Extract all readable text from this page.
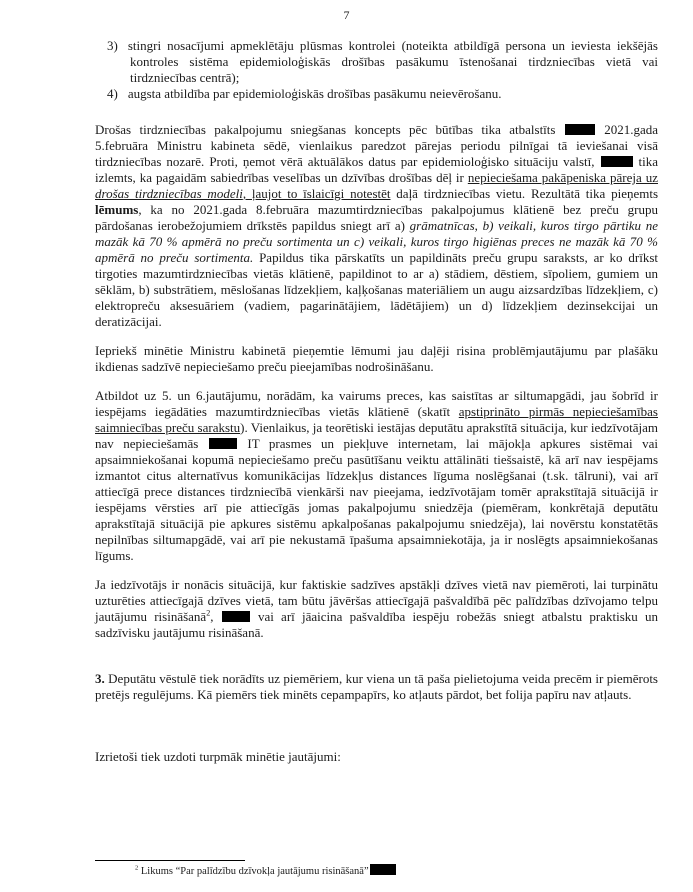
7
3) stingri nosacījumi apmeklētāju plūsmas kontrolei (noteikta atbildīgā persona un ieviesta iekšējās kontroles sistēma epidemioloģiskās drošības pasākumu īstenošanai tirdzniecības vietā vai tirdzniecības centrā);
4) augsta atbildība par epidemioloģiskās drošības pasākumu neievērošanu.

Drošas tirdzniecības pakalpojumu sniegšanas koncepts pēc būtības tika atbalstīts  2021.gada 5.februāra Ministru kabineta sēdē, vienlaikus paredzot pārejas periodu pilnīgai tā ieviešanai visā tirdzniecības nozarē. Proti, ņemot vērā aktuālākos datus par epidemioloģisko situāciju valstī,	tika izlemts, ka pagaidām sabiedrības veselības un dzīvības drošības dēļ ir nepieciešama pakāpeniska pāreja uz drošas tirdzniecības modeli, ļaujot to īslaicīgi notestēt daļā tirdzniecības vietu. Rezultātā tika pieņemts lēmums, ka no 2021.gada 8.februāra mazumtirdzniecības pakalpojumus klātienē bez preču grupu pārdošanas ierobežojumiem drīkstēs papildus sniegt arī a) grāmatnīcas, b) veikali, kuros tirgo pārtiku ne mazāk kā 70 % apmērā no preču sortimenta un c) veikali, kuros tirgo higiēnas preces ne mazāk kā 70 % apmērā no preču sortimenta. Papildus tika pārskatīts un papildināts preču grupu saraksts, ar ko drīkst tirgoties mazumtirdzniecības vietās klātienē, papildinot to ar a) stādiem, dēstiem, sīpoliem, gumiem un sēklām, b) substrātiem, mēslošanas līdzekļiem, kaļķošanas materiāliem un augu aizsardzības līdzekļiem, c) elektropreču aksesuāriem (vadiem, pagarinātājiem, lādētājiem) un d) līdzekļiem dezinsekcijai un deratizācijai.

Iepriekš minētie Ministru kabinetā pieņemtie lēmumi jau daļēji risina problēmjautājumu par plašāku ikdienas sadzīvē nepieciešamo preču pieejamības nodrošināšanu.

Atbildot uz 5. un 6.jautājumu, norādām, ka vairums preces, kas saistītas ar siltumapgādi, jau šobrīd ir iespējams iegādāties mazumtirdzniecības vietās klātienē (skatīt apstiprināto pirmās nepieciešamības saimniecības preču sarakstu). Vienlaikus, ja teorētiski iestājas deputātu aprakstītā situācija, kur iedzīvotājam nav nepieciešamās  IT prasmes un piekļuve internetam, lai mājokļa apkures sistēmai vai apsaimniekošanai kopumā nepieciešamo preču pasūtīšanu veiktu attālināti tiešsaistē, kā arī nav iespējams izmantot citus alternatīvus komunikācijas līdzekļus distances līguma noslēgšanai (t.sk. tālruni), vai arī attiecīgā prece distances tirdzniecībā vienkārši nav pieejama, iedzīvotājam tomēr aprakstītajā situācijā ir iespējams vērsties arī pie attiecīgās jomas pakalpojumu sniedzēja (piemēram, konkrētajā deputātu aprakstītajā situācijā pie apkures sistēmu apkalpošanas pakalpojumu sniedzēja), lai novērstu konstatētās nepilnības siltumapgādē, vai arī pie nekustamā īpašuma apsaimniekotāja, ja ir noslēgts apsaimniekošanas līgums.

Ja iedzīvotājs ir nonācis situācijā, kur faktiskie sadzīves apstākļi dzīves vietā nav piemēroti, lai turpinātu uzturēties attiecīgajā dzīves vietā, tam būtu jāvēršas attiecīgajā pašvaldībā pēc palīdzības dzīvojamo telpu jautājumu risināšanā$^2$,  vai arī jāaicina pašvaldība iespēju robežās sniegt atbalstu praktisku un sadzīvisku jautājumu risināšanā.

3. Deputātu vēstulē tiek norādīts uz piemēriem, kur viena un tā paša pielietojuma veida precēm ir piemērots pretējs regulējums. Kā piemērs tiek minēts cepampapīrs, ko atļauts pārdot, bet folija papīru nav atļauts.

Izrietoši tiek uzdoti turpmāk minētie jautājumi:

$^2$ Likums “Par palīdzību dzīvokļa jautājumu risināšanā”
